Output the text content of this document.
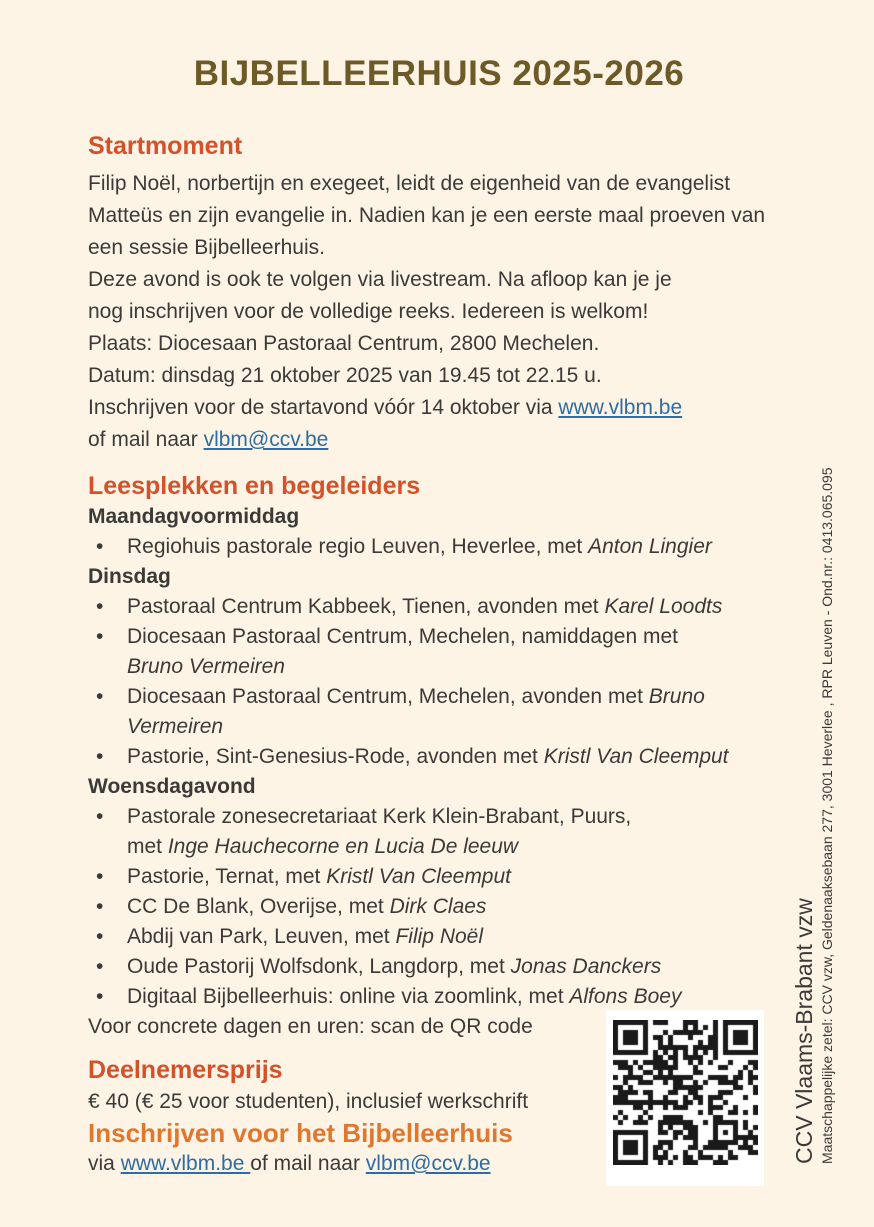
BIJBELLEERHUIS 2025-2026
Startmoment
Filip Noël, norbertijn en exegeet, leidt de eigenheid van de evangelist
Matteüs en zijn evangelie in. Nadien kan je een eerste maal proeven van
een sessie Bijbelleerhuis.
Deze avond is ook te volgen via livestream. Na afloop kan je je
nog inschrijven voor de volledige reeks. Iedereen is welkom!
Plaats: Diocesaan Pastoraal Centrum, 2800 Mechelen.
Datum: dinsdag 21 oktober 2025 van 19.45 tot 22.15 u.
Inschrijven voor de startavond vóór 14 oktober via www.vlbm.be
of mail naar vlbm@ccv.be
Leesplekken en begeleiders
Maandagvoormiddag
• Regiohuis pastorale regio Leuven, Heverlee, met Anton Lingier
Dinsdag
• Pastoraal Centrum Kabbeek, Tienen, avonden met Karel Loodts
• Diocesaan Pastoraal Centrum, Mechelen, namiddagen met
Bruno Vermeiren
• Diocesaan Pastoraal Centrum, Mechelen, avonden met Bruno
Vermeiren
• Pastorie, Sint-Genesius-Rode, avonden met Kristl Van Cleemput
Woensdagavond
• Pastorale zonesecretariaat Kerk Klein-Brabant, Puurs,
met Inge Hauchecorne en Lucia De leeuw
• Pastorie, Ternat, met Kristl Van Cleemput
• CC De Blank, Overijse, met Dirk Claes
• Abdij van Park, Leuven, met Filip Noël
• Oude Pastorij Wolfsdonk, Langdorp, met Jonas Danckers
• Digitaal Bijbelleerhuis: online via zoomlink, met Alfons Boey
Voor concrete dagen en uren: scan de QR code
Deelnemersprijs
€ 40 (€ 25 voor studenten), inclusief werkschrift
Inschrijven voor het Bijbelleerhuis
via www.vlbm.be of mail naar vlbm@ccv.be	CCV Vlaams-Brabant vzw Maatschappelijke zetel: CCV vzw, Geldenaaksebaan 277, 3001 Heverlee , RPR Leuven - Ond.nr.: 0413.065.095
